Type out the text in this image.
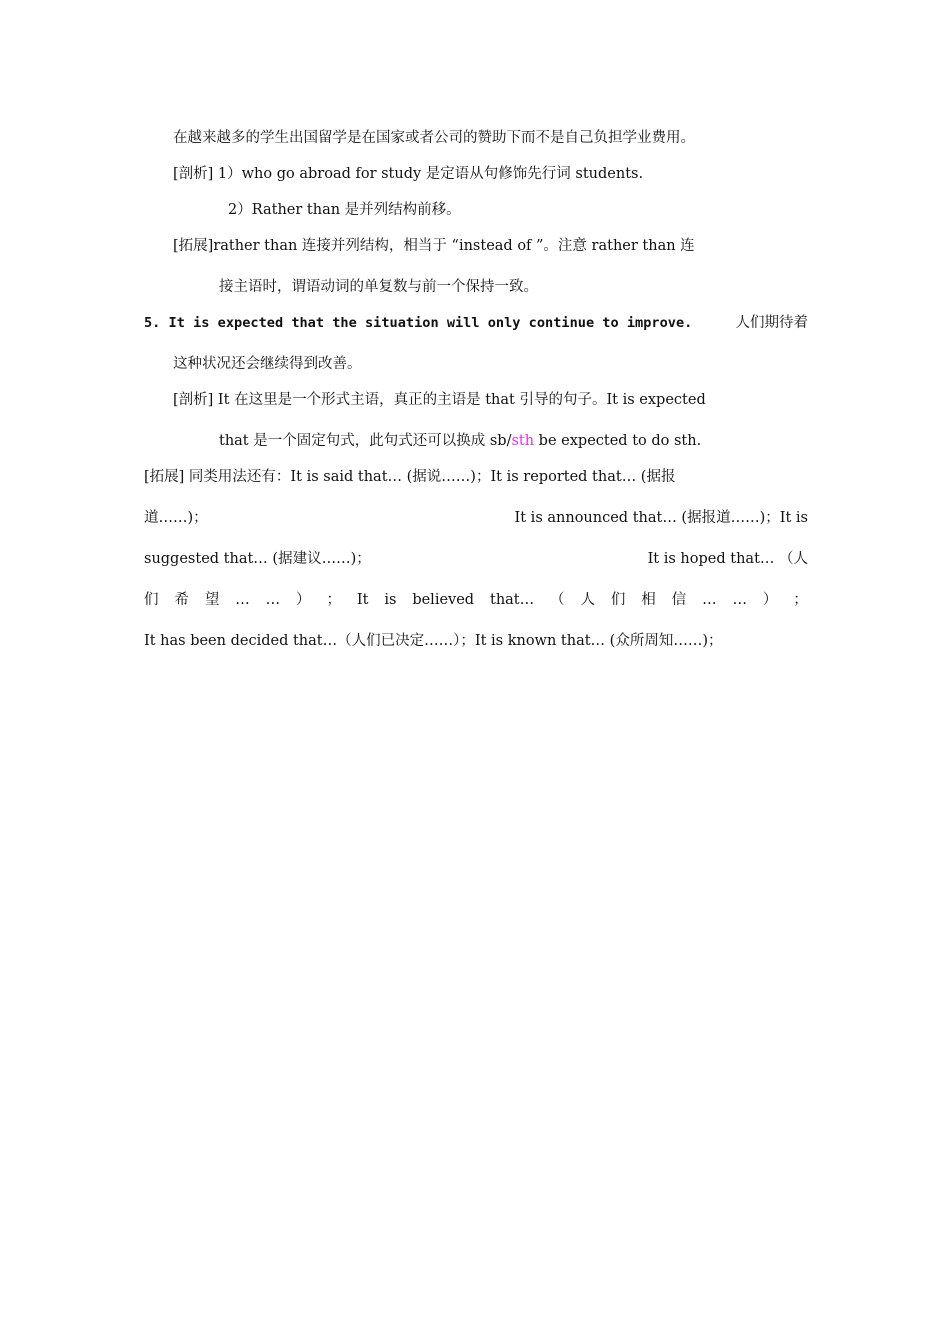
在越来越多的学生出国留学是在国家或者公司的赞助下而不是自己负担学业费用。
[剖析] 1）who go abroad for study 是定语从句修饰先行词 students.
2）Rather than 是并列结构前移。
[拓展]rather than 连接并列结构，相当于 “instead of ”。注意 rather than 连
接主语时，谓语动词的单复数与前一个保持一致。
5. It is expected that the situation will only continue to improve.	人们期待着
这种状况还会继续得到改善。
[剖析] It 在这里是一个形式主语，真正的主语是 that 引导的句子。It is expected
that 是一个固定句式，此句式还可以换成 sb/sth be expected to do sth.
[拓展] 同类用法还有：It is said that… (据说……)；It is reported that… (据报
道……)；	It is announced that… (据报道……)；It is
suggested that… (据建议……)；	It is hoped that… （人
们 希 望 … … ） ； It is believed that… （ 人 们 相 信 … … ） ；
It has been decided that…（人们已决定……）；It is known that… (众所周知……)；
